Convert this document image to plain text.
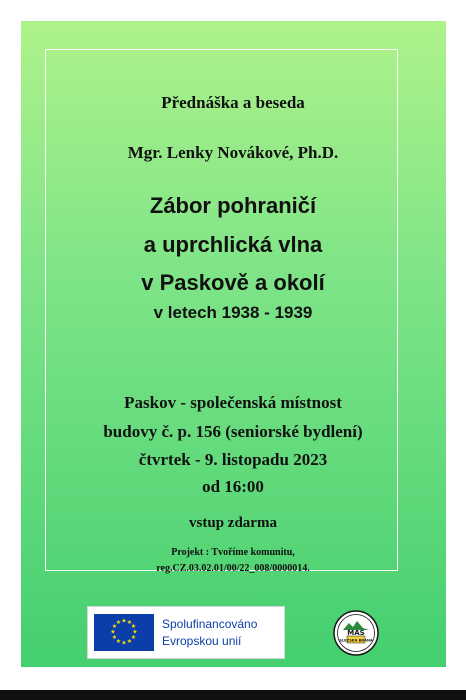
Přednáška a beseda
Mgr. Lenky Novákové, Ph.D.
Zábor pohraničí
a uprchlická vlna
v Paskově a okolí
v letech 1938 - 1939
Paskov - společenská místnost
budovy č. p. 156 (seniorské bydlení)
čtvrtek - 9. listopadu 2023
od 16:00
vstup zdarma
Projekt : Tvoříme komunitu,
reg.CZ.03.02.01/00/22_008/0000014.
★ ★
★
★
★
★
★
★
★
★
★
★	Spolufinancováno
Evropskou unií
MAS
SLEZSKÁ BRÁNA
